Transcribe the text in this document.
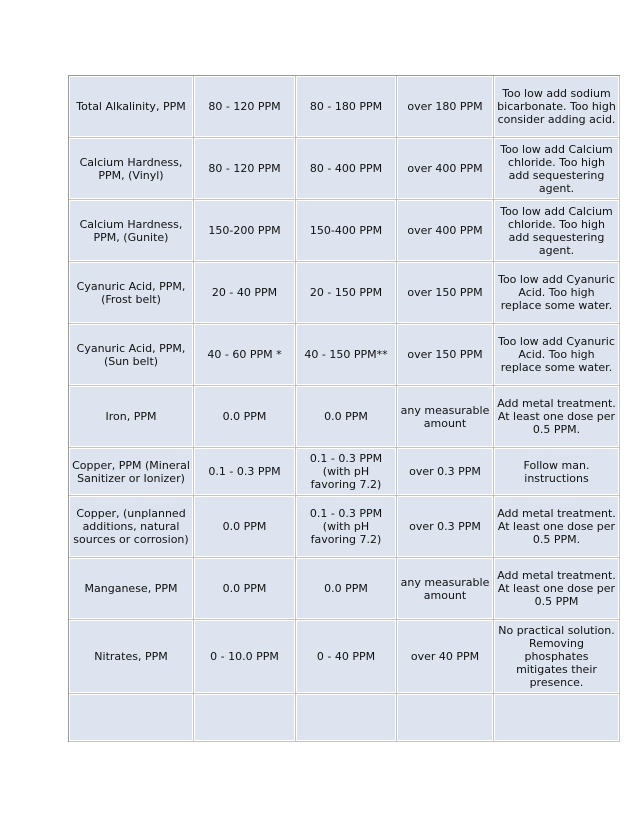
Total Alkalinity, PPM	80 - 120 PPM	80 - 180 PPM	over 180 PPM	Too low add sodium bicarbonate. Too high consider adding acid.
Calcium Hardness, PPM, (Vinyl)	80 - 120 PPM	80 - 400 PPM	over 400 PPM	Too low add Calcium chloride. Too high add sequestering agent.
Calcium Hardness, PPM, (Gunite)	150-200 PPM	150-400 PPM	over 400 PPM	Too low add Calcium chloride. Too high add sequestering agent.
Cyanuric Acid, PPM, (Frost belt)	20 - 40 PPM	20 - 150 PPM	over 150 PPM	Too low add Cyanuric Acid. Too high replace some water.
Cyanuric Acid, PPM, (Sun belt)	40 - 60 PPM *	40 - 150 PPM**	over 150 PPM	Too low add Cyanuric Acid. Too high replace some water.
Iron, PPM	0.0 PPM	0.0 PPM	any measurable amount	Add metal treatment. At least one dose per 0.5 PPM.
Copper, PPM (Mineral Sanitizer or Ionizer)	0.1 - 0.3 PPM	0.1 - 0.3 PPM (with pH favoring 7.2)	over 0.3 PPM	Follow man. instructions
Copper, (unplanned additions, natural sources or corrosion)	0.0 PPM	0.1 - 0.3 PPM (with pH favoring 7.2)	over 0.3 PPM	Add metal treatment. At least one dose per 0.5 PPM.
Manganese, PPM	0.0 PPM	0.0 PPM	any measurable amount	Add metal treatment. At least one dose per 0.5 PPM
Nitrates, PPM	0 - 10.0 PPM	0 - 40 PPM	over 40 PPM	No practical solution. Removing phosphates mitigates their presence.
